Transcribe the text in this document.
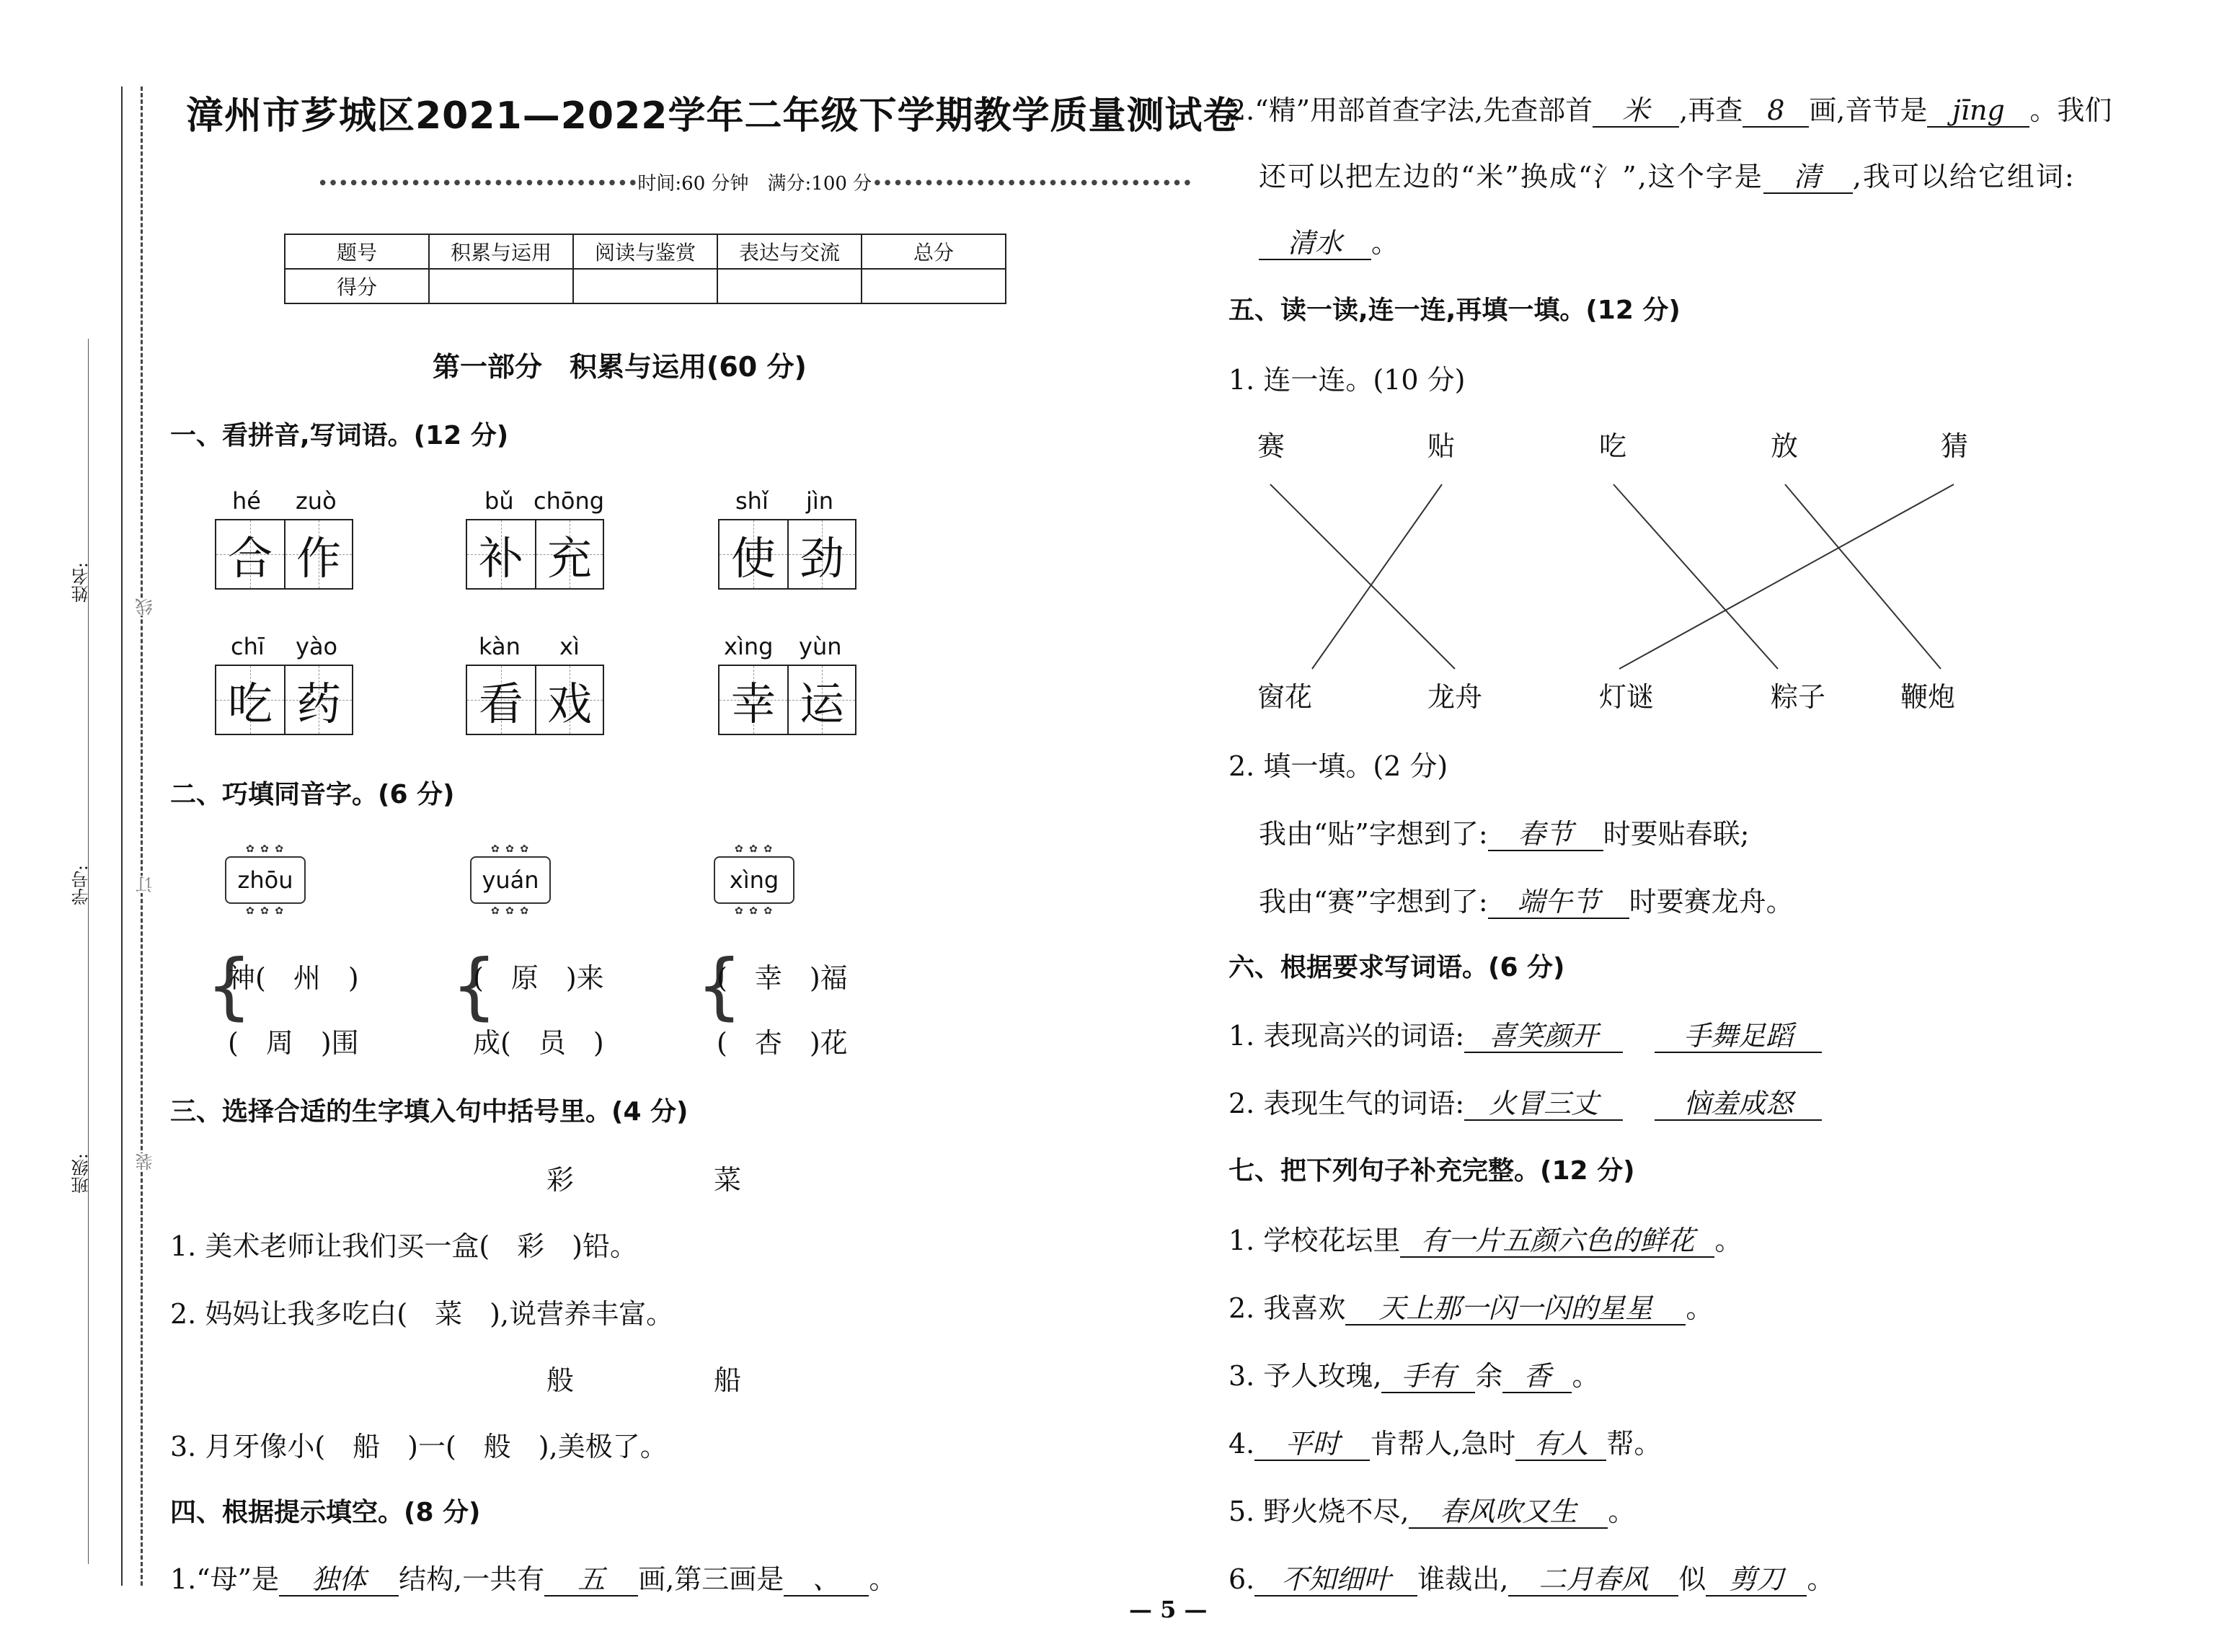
姓名:
学号:
班级:
线
订
装
漳州市芗城区2021—2022学年二年级下学期教学质量测试卷
•••••••••••••••••••••••••••••••时间:60 分钟　满分:100 分•••••••••••••••••••••••••••••••
题号	积累与运用	阅读与鉴赏	表达与交流	总分
得分				
第一部分　积累与运用(60 分)
一、看拼音,写词语。(12 分)
hé zuò
合 作
bǔ chōng
补 充
shǐ jìn
使 劲
chī yào
吃 药
kàn xì
看 戏
xìng yùn
幸 运
二、巧填同音字。(6 分)
✿ ✿ ✿ zhōu ✿ ✿ ✿	✿ ✿ ✿ yuán ✿ ✿ ✿	✿ ✿ ✿ xìng ✿ ✿ ✿
{
神(　州　)
(　周　)围
{
(　原　)来
成(　员　)
{
(　幸　)福
(　杏　)花
三、选择合适的生字填入句中括号里。(4 分)
彩	菜
1. 美术老师让我们买一盒(　彩　)铅。
2. 妈妈让我多吃白(　菜　),说营养丰富。
般	船
3. 月牙像小(　船　)一(　般　),美极了。
四、根据提示填空。(8 分)
1.“母”是 独体 结构,一共有 五 画,第三画是 、 。
2.“精”用部首查字法,先查部首 米 ,再查 8 画,音节是 jīng 。我们
还可以把左边的“米”换成“氵”,这个字是 清 ,我可以给它组词:
清水 。
五、读一读,连一连,再填一填。(12 分)
1. 连一连。(10 分)
赛	贴	吃	放	猜
窗花	龙舟	灯谜	粽子	鞭炮
2. 填一填。(2 分)
我由“贴”字想到了: 春节 时要贴春联;
我由“赛”字想到了: 端午节 时要赛龙舟。
六、根据要求写词语。(6 分)
1. 表现高兴的词语: 喜笑颜开	手舞足蹈
2. 表现生气的词语: 火冒三丈	恼羞成怒
七、把下列句子补充完整。(12 分)
1. 学校花坛里 有一片五颜六色的鲜花 。
2. 我喜欢 天上那一闪一闪的星星 。
3. 予人玫瑰, 手有 余 香 。
4. 平时 肯帮人,急时 有人 帮。
5. 野火烧不尽, 春风吹又生 。
6. 不知细叶 谁裁出, 二月春风 似 剪刀 。
— 5 —
